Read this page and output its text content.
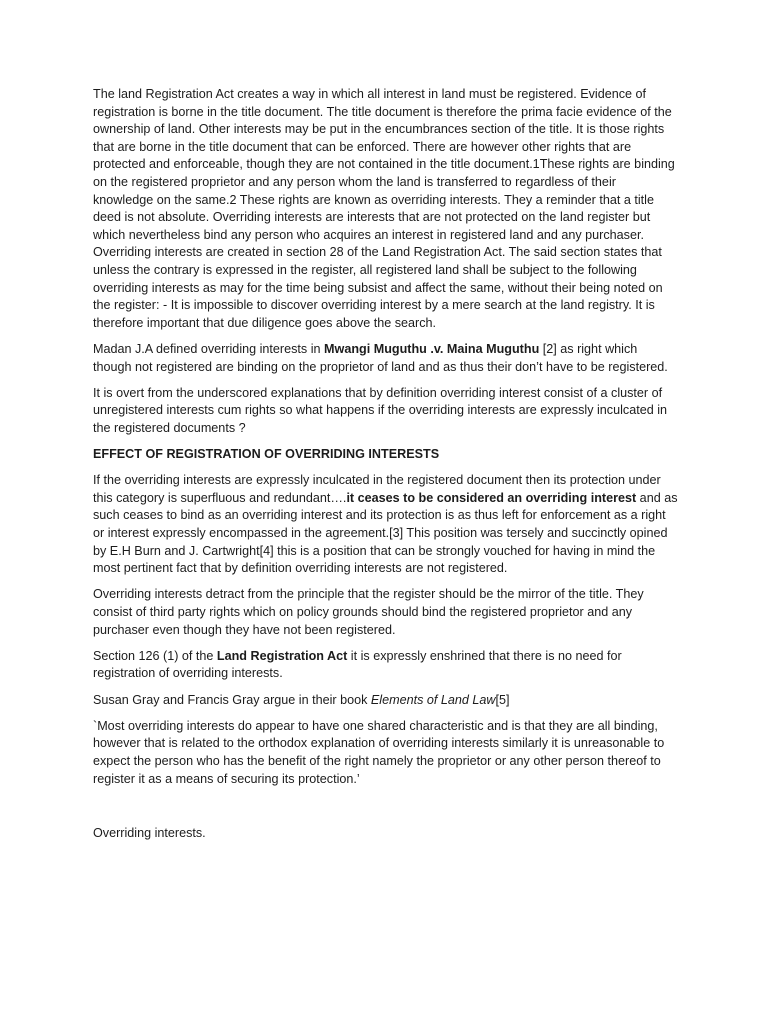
The land Registration Act creates a way in which all interest in land must be registered. Evidence of registration is borne in the title document. The title document is therefore the prima facie evidence of the ownership of land. Other interests may be put in the encumbrances section of the title. It is those rights that are borne in the title document that can be enforced. There are however other rights that are protected and enforceable, though they are not contained in the title document.1These rights are binding on the registered proprietor and any person whom the land is transferred to regardless of their knowledge on the same.2 These rights are known as overriding interests. They a reminder that a title deed is not absolute. Overriding interests are interests that are not protected on the land register but which nevertheless bind any person who acquires an interest in registered land and any purchaser. Overriding interests are created in section 28 of the Land Registration Act. The said section states that unless the contrary is expressed in the register, all registered land shall be subject to the following overriding interests as may for the time being subsist and affect the same, without their being noted on the register: - It is impossible to discover overriding interest by a mere search at the land registry. It is therefore important that due diligence goes above the search.

Madan J.A defined overriding interests in Mwangi Muguthu .v. Maina Muguthu [2] as right which though not registered are binding on the proprietor of land and as thus their don’t have to be registered.

It is overt from the underscored explanations that by definition overriding interest consist of a cluster of unregistered interests cum rights so what happens if the overriding interests are expressly inculcated in the registered documents ?

EFFECT OF REGISTRATION OF OVERRIDING INTERESTS

If the overriding interests are expressly inculcated in the registered document then its protection under this category is superfluous and redundant….it ceases to be considered an overriding interest and as such ceases to bind as an overriding interest and its protection is as thus left for enforcement as a right or interest expressly encompassed in the agreement.[3] This position was tersely and succinctly opined by E.H Burn and J. Cartwright[4] this is a position that can be strongly vouched for having in mind the most pertinent fact that by definition overriding interests are not registered.

Overriding interests detract from the principle that the register should be the mirror of the title. They consist of third party rights which on policy grounds should bind the registered proprietor and any purchaser even though they have not been registered.

Section 126 (1) of the Land Registration Act it is expressly enshrined that there is no need for registration of overriding interests.

Susan Gray and Francis Gray argue in their book Elements of Land Law[5]

`Most overriding interests do appear to have one shared characteristic and is that they are all binding, however that is related to the orthodox explanation of overriding interests similarly it is unreasonable to expect the person who has the benefit of the right namely the proprietor or any other person thereof to register it as a means of securing its protection.’

Overriding interests.
